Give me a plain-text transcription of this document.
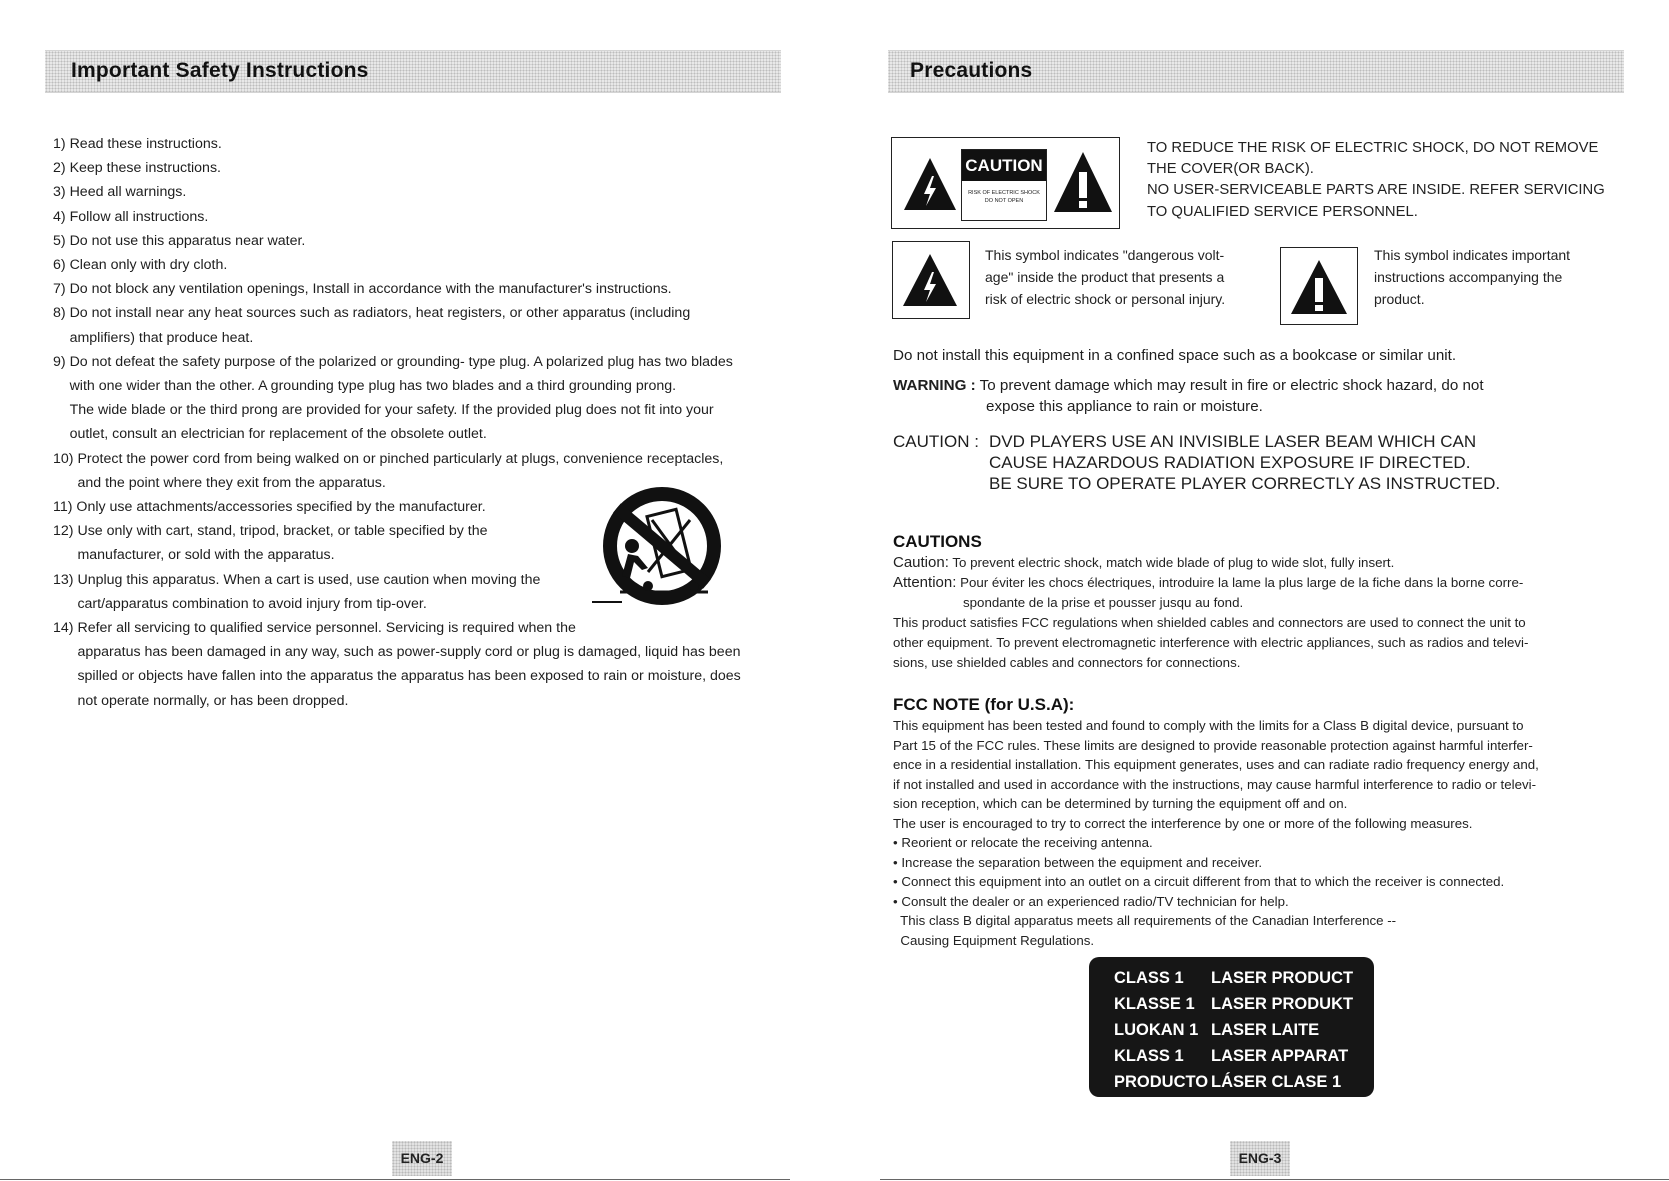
Important Safety Instructions
1) Read these instructions.
2) Keep these instructions.
3) Heed all warnings.
4) Follow all instructions.
5) Do not use this apparatus near water.
6) Clean only with dry cloth.
7) Do not block any ventilation openings, Install in accordance with the manufacturer's instructions.
8) Do not install near any heat sources such as radiators, heat registers, or other apparatus (including
amplifiers) that produce heat.
9) Do not defeat the safety purpose of the polarized or grounding- type plug. A polarized plug has two blades
with one wider than the other. A grounding type plug has two blades and a third grounding prong.
The wide blade or the third prong are provided for your safety. If the provided plug does not fit into your
outlet, consult an electrician for replacement of the obsolete outlet.
10) Protect the power cord from being walked on or pinched particularly at plugs, convenience receptacles,
and the point where they exit from the apparatus.
11) Only use attachments/accessories specified by the manufacturer.
12) Use only with cart, stand, tripod, bracket, or table specified by the
manufacturer, or sold with the apparatus.
13) Unplug this apparatus. When a cart is used, use caution when moving the
cart/apparatus combination to avoid injury from tip-over.
14) Refer all servicing to qualified service personnel. Servicing is required when the
apparatus has been damaged in any way, such as power-supply cord or plug is damaged, liquid has been
spilled or objects have fallen into the apparatus the apparatus has been exposed to rain or moisture, does
not operate normally, or has been dropped.
ENG-2
Precautions
CAUTION
RISK OF ELECTRIC SHOCK
DO NOT OPEN
TO REDUCE THE RISK OF ELECTRIC SHOCK, DO NOT REMOVE
THE COVER(OR BACK).
NO USER-SERVICEABLE PARTS ARE INSIDE. REFER SERVICING
TO QUALIFIED SERVICE PERSONNEL.
This symbol indicates "dangerous volt-
age" inside the product that presents a
risk of electric shock or personal injury.
This symbol indicates important
instructions accompanying the
product.
Do not install this equipment in a confined space such as a bookcase or similar unit.
WARNING : To prevent damage which may result in fire or electric shock hazard, do not
expose this appliance to rain or moisture.
CAUTION : DVD PLAYERS USE AN INVISIBLE LASER BEAM WHICH CAN
CAUSE HAZARDOUS RADIATION EXPOSURE IF DIRECTED.
BE SURE TO OPERATE PLAYER CORRECTLY AS INSTRUCTED.
CAUTIONS

Caution: To prevent electric shock, match wide blade of plug to wide slot, fully insert.

Attention: Pour éviter les chocs électriques, introduire la lame la plus large de la fiche dans la borne corre-

spondante de la prise et pousser jusqu au fond.

This product satisfies FCC regulations when shielded cables and connectors are used to connect the unit to

other equipment. To prevent electromagnetic interference with electric appliances, such as radios and televi-

sions, use shielded cables and connectors for connections.

FCC NOTE (for U.S.A):

This equipment has been tested and found to comply with the limits for a Class B digital device, pursuant to

Part 15 of the FCC rules. These limits are designed to provide reasonable protection against harmful interfer-

ence in a residential installation. This equipment generates, uses and can radiate radio frequency energy and,

if not installed and used in accordance with the instructions, may cause harmful interference to radio or televi-

sion reception, which can be determined by turning the equipment off and on.

The user is encouraged to try to correct the interference by one or more of the following measures.

• Reorient or relocate the receiving antenna.

• Increase the separation between the equipment and receiver.

• Connect this equipment into an outlet on a circuit different from that to which the receiver is connected.

• Consult the dealer or an experienced radio/TV technician for help.

This class B digital apparatus meets all requirements of the Canadian Interference --

Causing Equipment Regulations.

CLASS 1	LASER PRODUCT
KLASSE 1 LASER PRODUKT
LUOKAN 1 LASER LAITE
KLASS 1	LASER APPARAT
PRODUCTO LÁSER CLASE 1
ENG-3
